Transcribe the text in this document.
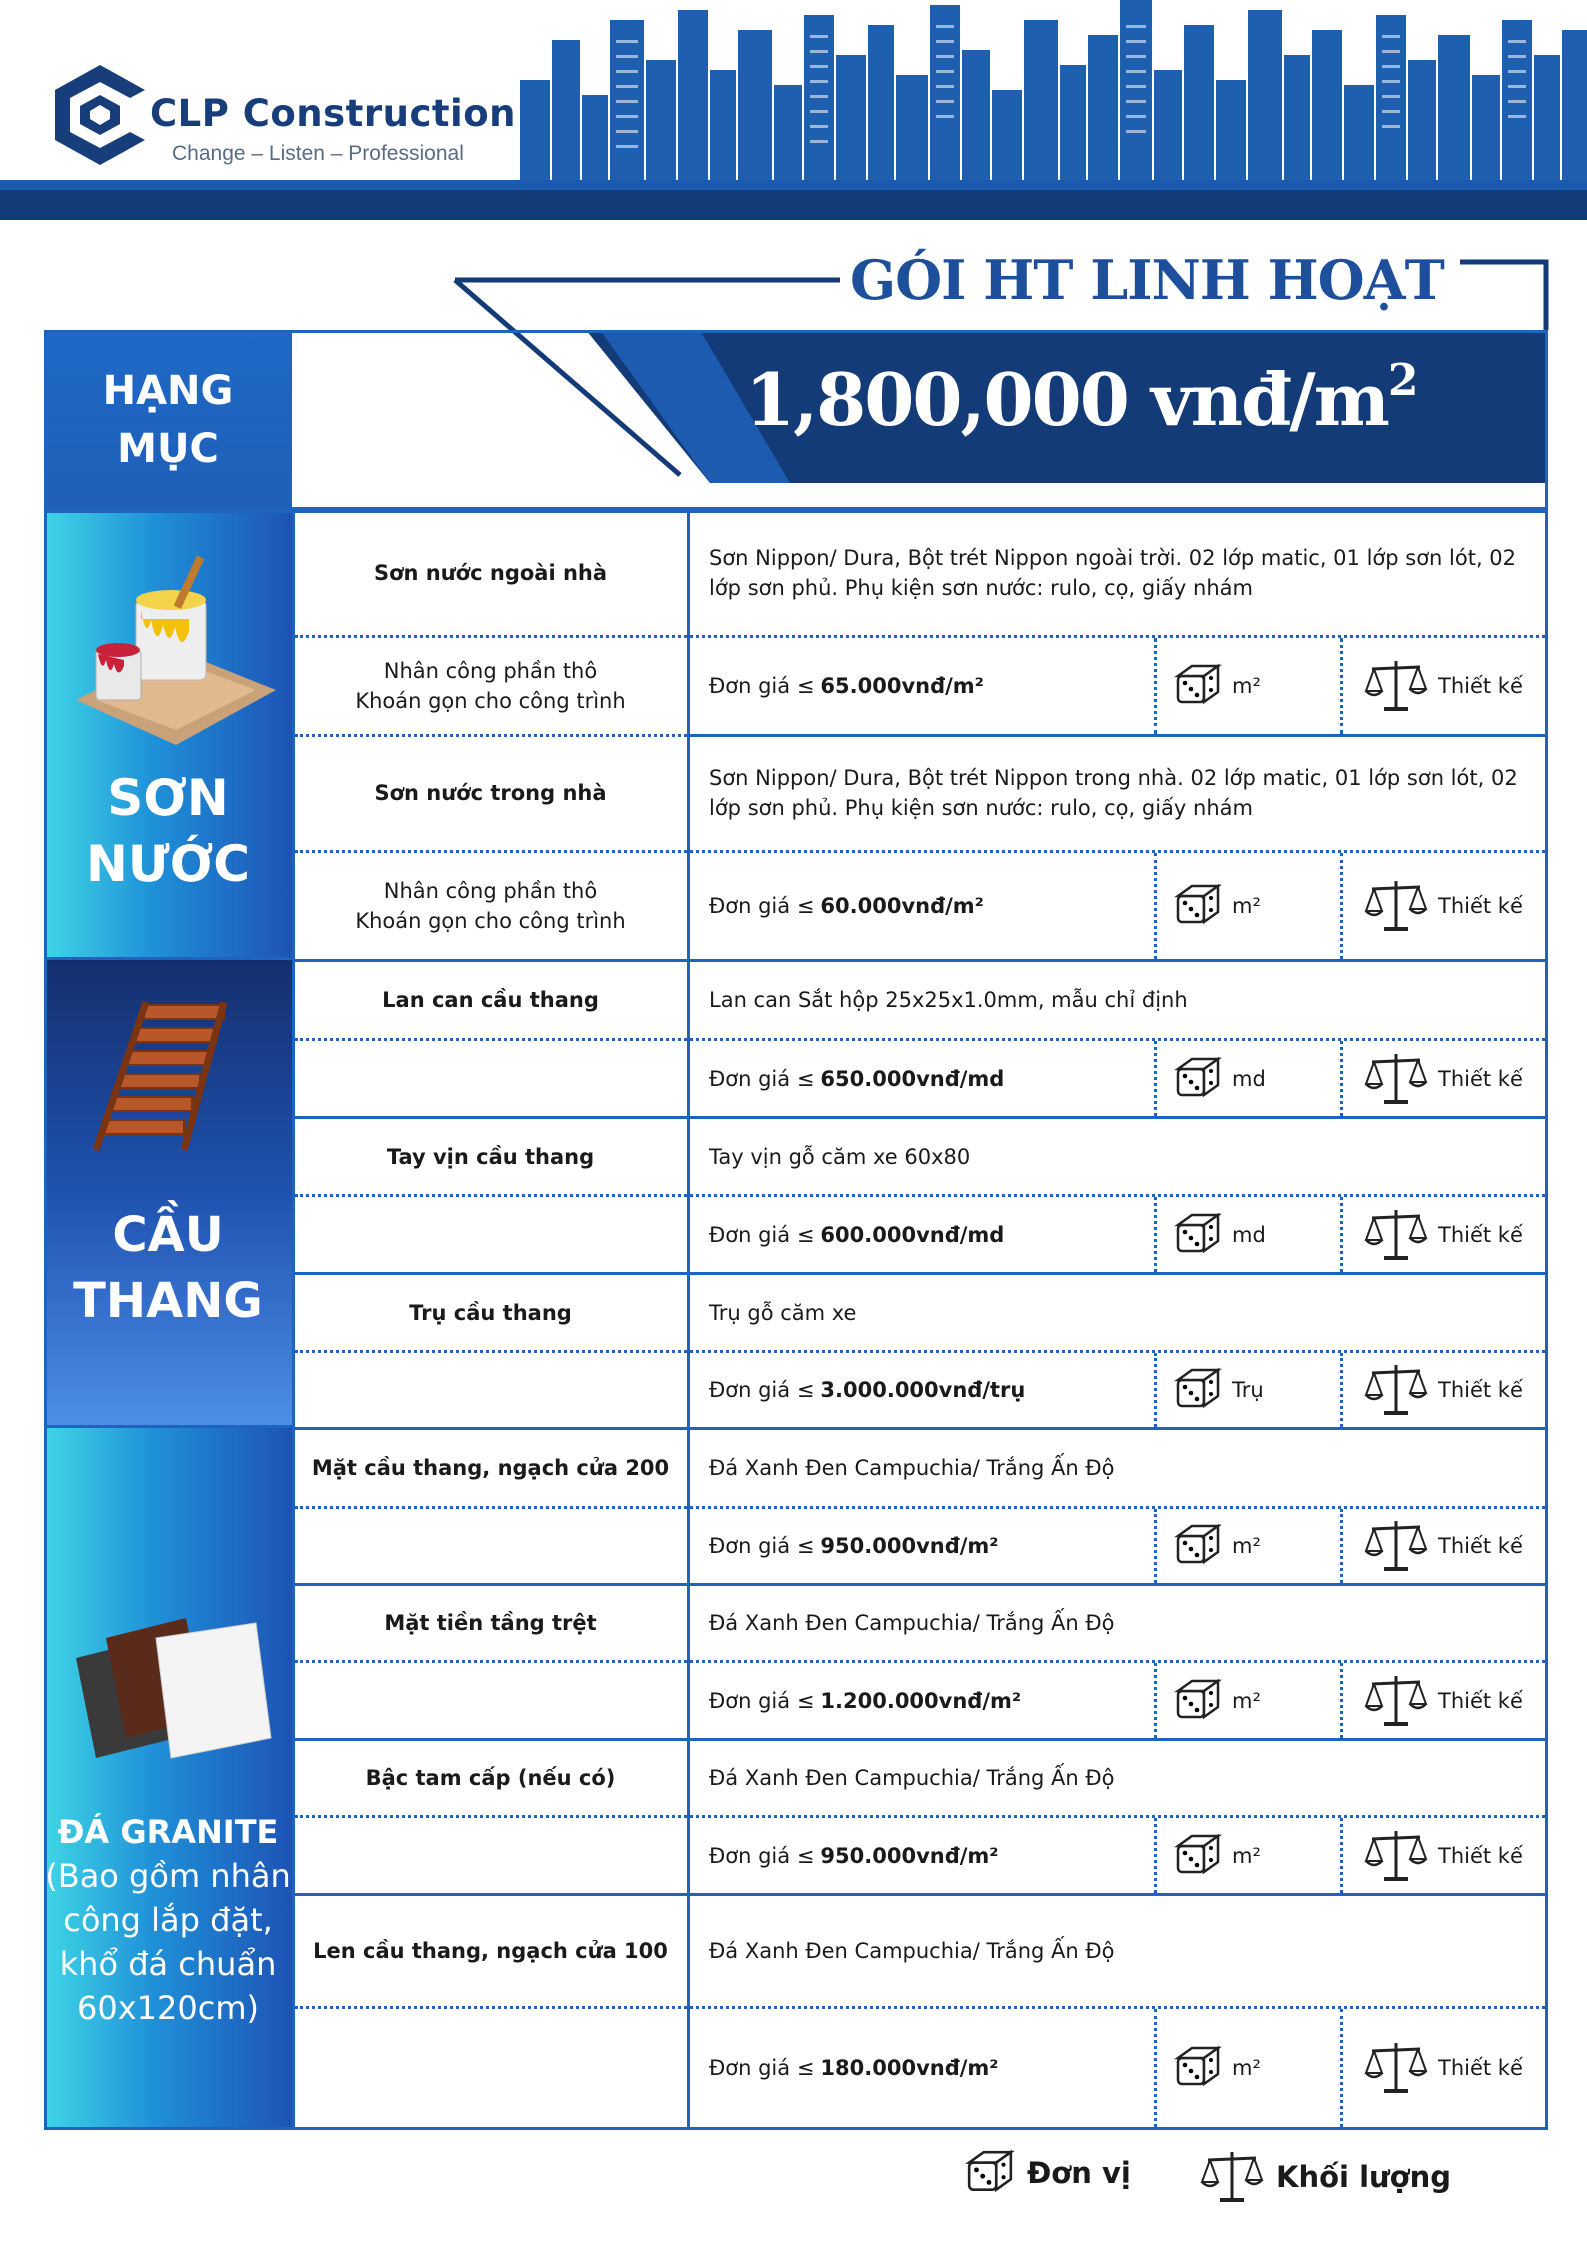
CLP Construction
Change – Listen – Professional
GÓI HT LINH HOẠT
1,800,000 vnđ/$m^2$
HẠNG
MỤC
SƠN
NƯỚC
CẦU
THANG
ĐÁ GRANITE
(Bao gồm nhân
công lắp đặt,
khổ đá chuẩn
60x120cm)
Sơn nước ngoài nhà
Sơn Nippon/ Dura, Bột trét Nippon ngoài trời. 02 lớp matic, 01 lớp sơn lót, 02 lớp sơn phủ. Phụ kiện sơn nước: rulo, cọ, giấy nhám
Nhân công phần thô
Khoán gọn cho công trình
Đơn giá ≤ 65.000vnđ/m²	m²	Thiết kế
Sơn nước trong nhà
Sơn Nippon/ Dura, Bột trét Nippon trong nhà. 02 lớp matic, 01 lớp sơn lót, 02 lớp sơn phủ. Phụ kiện sơn nước: rulo, cọ, giấy nhám
Nhân công phần thô
Khoán gọn cho công trình
Đơn giá ≤ 60.000vnđ/m²	m²	Thiết kế
Lan can cầu thang	Lan can Sắt hộp 25x25x1.0mm, mẫu chỉ định
Đơn giá ≤ 650.000vnđ/md	md	Thiết kế
Tay vịn cầu thang	Tay vịn gỗ căm xe 60x80
Đơn giá ≤ 600.000vnđ/md	md	Thiết kế
Trụ cầu thang	Trụ gỗ căm xe
Đơn giá ≤ 3.000.000vnđ/trụ	Trụ	Thiết kế
Mặt cầu thang, ngạch cửa 200	Đá Xanh Đen Campuchia/ Trắng Ấn Độ
Đơn giá ≤ 950.000vnđ/m²	m²	Thiết kế
Mặt tiền tầng trệt	Đá Xanh Đen Campuchia/ Trắng Ấn Độ
Đơn giá ≤ 1.200.000vnđ/m²	m²	Thiết kế
Bậc tam cấp (nếu có)	Đá Xanh Đen Campuchia/ Trắng Ấn Độ
Đơn giá ≤ 950.000vnđ/m²	m²	Thiết kế
Len cầu thang, ngạch cửa 100	Đá Xanh Đen Campuchia/ Trắng Ấn Độ
Đơn giá ≤ 180.000vnđ/m²	m²	Thiết kế
Đơn vị	Khối lượng
